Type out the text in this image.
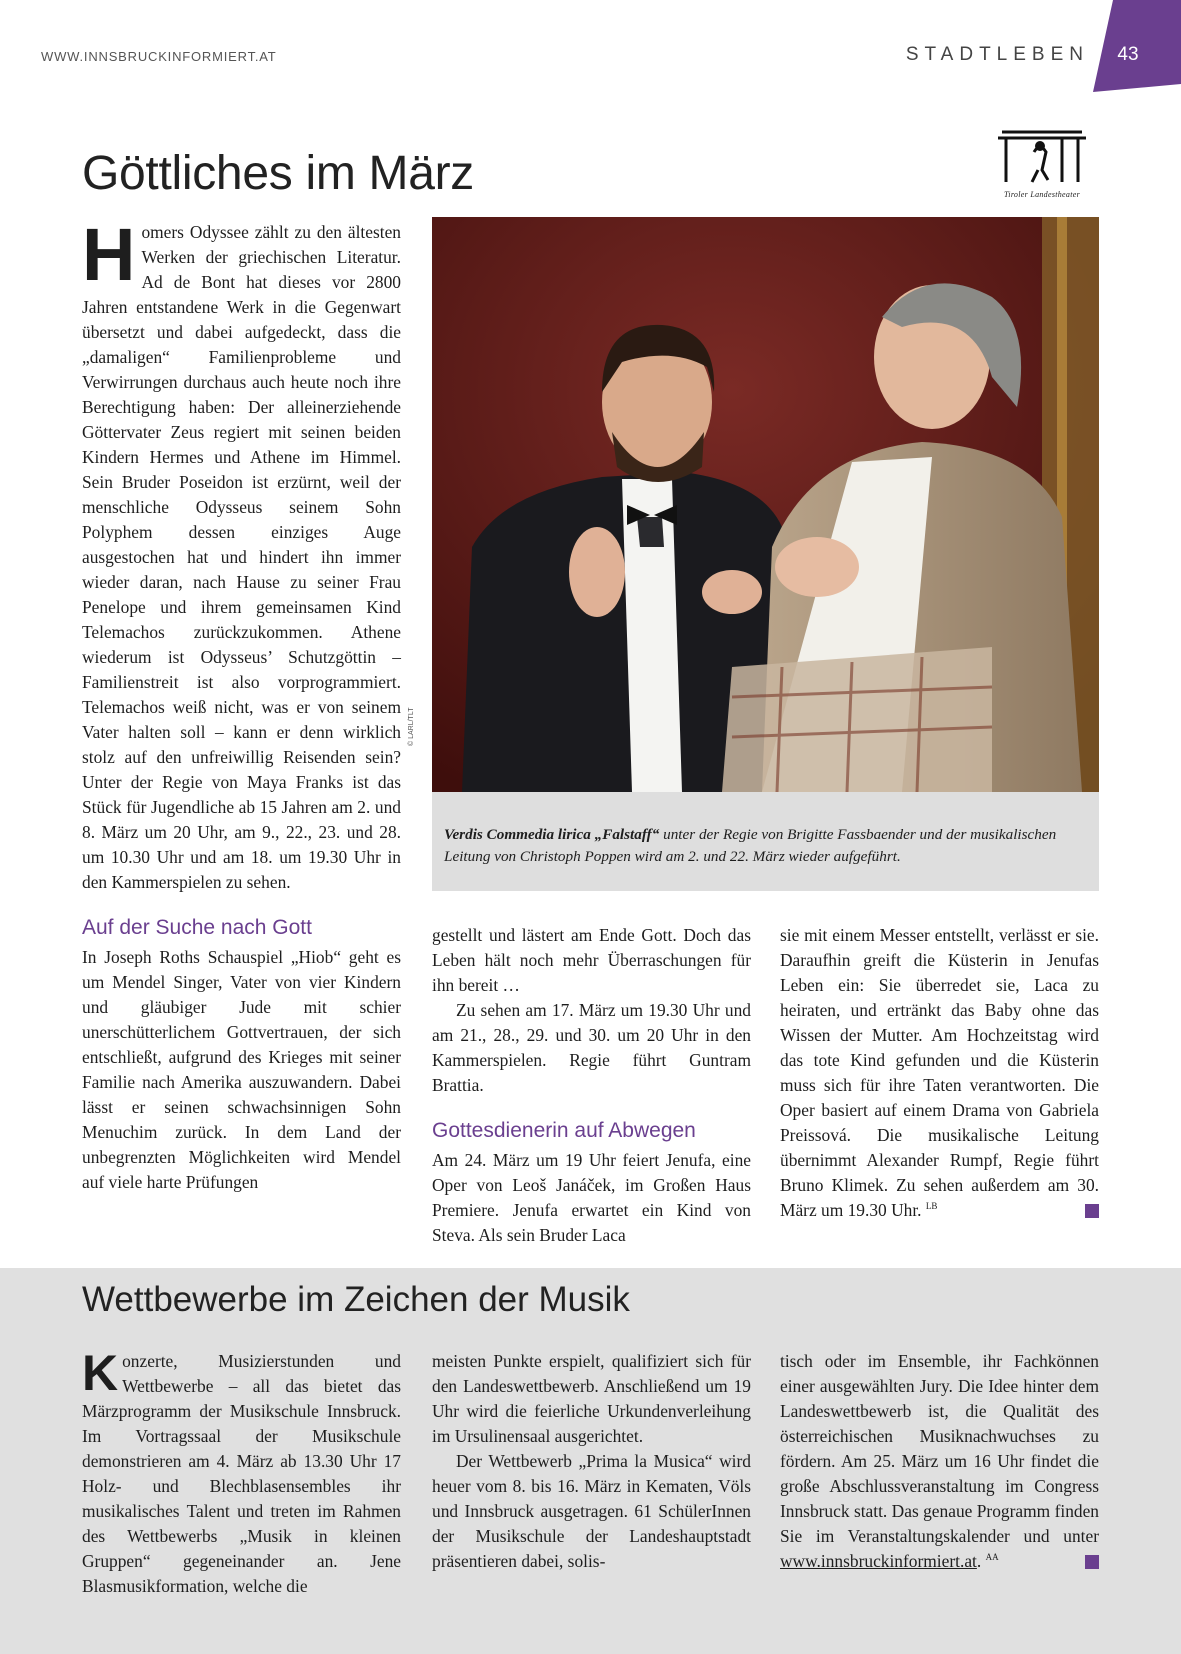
WWW.INNSBRUCKINFORMIERT.AT	STADTLEBEN	43
Tiroler Landestheater
Göttliches im März

Homers Odyssee zählt zu den ältesten Werken der griechischen Literatur. Ad de Bont hat dieses vor 2800 Jahren entstandene Werk in die Gegenwart übersetzt und dabei aufgedeckt, dass die „damaligen“ Familienprobleme und Verwirrungen durchaus auch heute noch ihre Berechtigung haben: Der alleinerziehende Göttervater Zeus regiert mit seinen beiden Kindern Hermes und Athene im Himmel. Sein Bruder Poseidon ist erzürnt, weil der menschliche Odysseus seinem Sohn Polyphem dessen einziges Auge ausgestochen hat und hindert ihn immer wieder daran, nach Hause zu seiner Frau Penelope und ihrem gemeinsamen Kind Telemachos zurückzukommen. Athene wiederum ist Odysseus’ Schutzgöttin – Familienstreit ist also vorprogrammiert. Telemachos weiß nicht, was er von seinem Vater halten soll – kann er denn wirklich stolz auf den unfreiwillig Reisenden sein? Unter der Regie von Maya Franks ist das Stück für Jugendliche ab 15 Jahren am 2. und 8. März um 20 Uhr, am 9., 22., 23. und 28. um 10.30 Uhr und am 18. um 19.30 Uhr in den Kammerspielen zu sehen.

Auf der Suche nach Gott

In Joseph Roths Schauspiel „Hiob“ geht es um Mendel Singer, Vater von vier Kindern und gläubiger Jude mit schier unerschütterlichem Gottvertrauen, der sich entschließt, aufgrund des Krieges mit seiner Familie nach Amerika auszuwandern. Dabei lässt er seinen schwachsinnigen Sohn Menuchim zurück. In dem Land der unbegrenzten Möglichkeiten wird Mendel auf viele harte Prüfungen

© LARL/TLT
Verdis Commedia lirica „Falstaff“ unter der Regie von Brigitte Fassbaender und der musikalischen Leitung von Christoph Poppen wird am 2. und 22. März wieder aufgeführt.

gestellt und lästert am Ende Gott. Doch das Leben hält noch mehr Überraschungen für ihn bereit …

Zu sehen am 17. März um 19.30 Uhr und am 21., 28., 29. und 30. um 20 Uhr in den Kammerspielen. Regie führt Guntram Brattia.

Gottesdienerin auf Abwegen

Am 24. März um 19 Uhr feiert Jenufa, eine Oper von Leoš Janáček, im Großen Haus Premiere. Jenufa erwartet ein Kind von Steva. Als sein Bruder Laca

sie mit einem Messer entstellt, verlässt er sie. Daraufhin greift die Küsterin in Jenufas Leben ein: Sie überredet sie, Laca zu heiraten, und ertränkt das Baby ohne das Wissen der Mutter. Am Hochzeitstag wird das tote Kind gefunden und die Küsterin muss sich für ihre Taten verantworten. Die Oper basiert auf einem Drama von Gabriela Preissová. Die musikalische Leitung übernimmt Alexander Rumpf, Regie führt Bruno Klimek. Zu sehen außerdem am 30. März um 19.30 Uhr. $^{LB}$

Wettbewerbe im Zeichen der Musik

Konzerte, Musizierstunden und Wettbewerbe – all das bietet das Märzprogramm der Musikschule Innsbruck. Im Vortragssaal der Musikschule demonstrieren am 4. März ab 13.30 Uhr 17 Holz- und Blechblasensembles ihr musikalisches Talent und treten im Rahmen des Wettbewerbs „Musik in kleinen Gruppen“ gegeneinander an. Jene Blasmusikformation, welche die

meisten Punkte erspielt, qualifiziert sich für den Landeswettbewerb. Anschließend um 19 Uhr wird die feierliche Urkundenverleihung im Ursulinensaal ausgerichtet.

Der Wettbewerb „Prima la Musica“ wird heuer vom 8. bis 16. März in Kematen, Völs und Innsbruck ausgetragen. 61 SchülerInnen der Musikschule der Landeshauptstadt präsentieren dabei, solis-

tisch oder im Ensemble, ihr Fachkönnen einer ausgewählten Jury. Die Idee hinter dem Landeswettbewerb ist, die Qualität des österreichischen Musiknachwuchses zu fördern. Am 25. März um 16 Uhr findet die große Abschlussveranstaltung im Congress Innsbruck statt. Das genaue Programm finden Sie im Veranstaltungskalender und unter www.innsbruckinformiert.at. $^{AA}$
